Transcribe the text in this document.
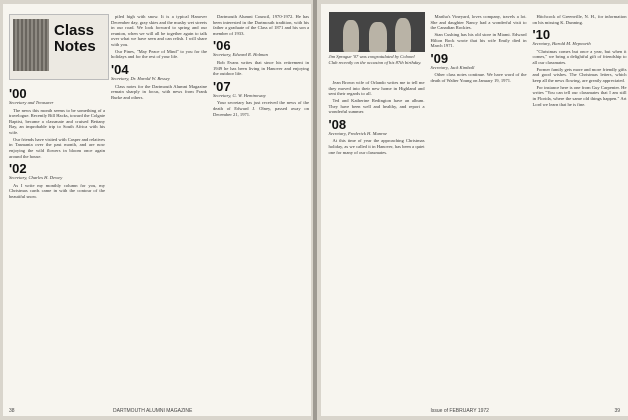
Class Notes
'00
Secretary and Treasurer

The news this month seems to be something of a travelogue. Recently Bill Hacks, toward the Colgate Baptist, became a classmate and cruised Bettany Bay, an improbable trip to South Africa with his wife.

Our friends have visited with Casper and relatives in Tasmania over the past month, and are now enjoying the wild flowers in bloom once again around the house.

'02
Secretary, Charles H. Dewey

As I write my monthly column for you, my Christmas cards came in with the contour of the beautiful snow.

piled high with snow. It is a typical Hanover December day, gray skies and the mushy wet streets in our road. We look forward to spring and our reunion, when we will all be together again to talk over what we have seen and can relish. I will share with you.

Our Pines, "May Peace of Mind" to you for the holidays and for the rest of your life.

'04
Secretary, Dr. Harold W. Bessey

Class notes for the Dartmouth Alumni Magazine remain sharply in focus, with news from Frank Burke and others.

Dartmouth Alumni Council, 1970-1972. He has been interested in the Dartmouth tradition, with his father a graduate of the Class of 1871 and his son a member of 1933.

'06
Secretary, Edward R. Holman

Bob Evans writes that since his retirement in 1949 he has been living in Hanover and enjoying the outdoor life.

'07
Secretary, G. W. Heminoway

Your secretary has just received the news of the death of Edward J. Olney, passed away on December 21, 1971.

38	DARTMOUTH ALUMNI MAGAZINE
Jim Sprague '07 was congratulated by Colonel Club recently on the occasion of his 87th birthday.

Jean Brown wife of Orlando writes me to tell me they moved into their new home in Highland and sent their regards to all.

Ted and Katherine Redington have an album. They have been well and healthy, and report a wonderful summer.

'08
Secretary, Frederick H. Munroe

At this time of year the approaching Christmas holiday, as we called it in Hanover, has been a quiet one for many of our classmates.

Martha's Vineyard, loves company, travels a lot. She and daughter Nancy had a wonderful visit to the Canadian Rockies.

Stan Cushing has his old store in Miami. Edward Hilton Bock wrote that his wife Emily died in March 1971.

'09
Secretary, Jack Kimball

Other class notes continue. We have word of the death of Walter Young on January 19, 1971.

Hitchcock of Greenville, N. H., for information on his missing K. Dunning.

'10
Secretary, Harold M. Hepworth

"Christmas comes but once a year, but when it comes," we bring a delightful gift of friendship to all our classmates.

Former family gets more and more friendly gifts and good wishes. The Christmas letters, which keep all the news flowing, are greatly appreciated.

For instance here is one from Guy Carpenter. He writes "You can tell our classmates that I am still in Florida, where the same old things happen." Art Lord we learn that he is fine.

Issue of FEBRUARY 1972	39
